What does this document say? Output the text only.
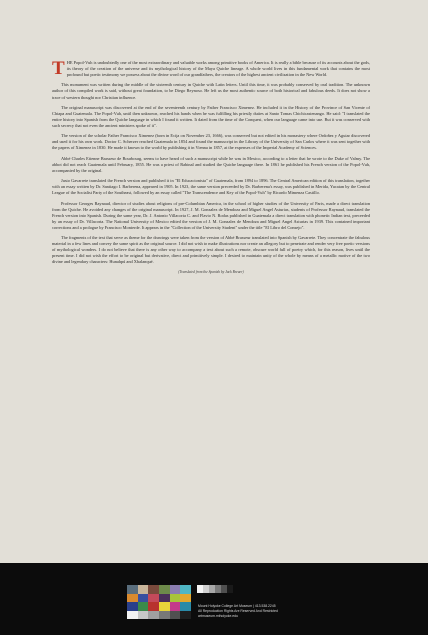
THE Popol-Vuh is undoubtedly one of the most extraordinary and valuable works among primitive books of America. It is really a bible because of its accounts about the gods, its theory of the creation of the universe and its mythological history of the Maya Quiche lineage. A whole world lives in this fundamental work that contains the most profound but poetic testimony we possess about the divine word of our grandfathers, the creators of the highest ancient civilization in the New World.

This monument was written during the middle of the sixteenth century in Quiche with Latin letters. Until this time, it was probably conserved by oral tradition. The unknown author of this compiled work is said, without great foundation, to be Diego Reynoso. He left us the most authentic source of both historical and fabulous deeds. It does not show a trace of western thought nor Christian influence.

The original manuscript was discovered at the end of the seventeenth century by Father Francisco Ximenez. He included it in the History of the Province of San Vicente of Chiapa and Guatemala. The Popol-Vuh, until then unknown, reached his hands when he was fulfilling his priestly duties at Santo Tomas Chichicastenango. He said: "I translated the entire history into Spanish from the Quiche language in which I found it written. It dated from the time of the Conquest, when our language came into use. But it was conserved with such secrecy that not even the ancient ministers spoke of it".

The version of the scholar Father Francisco Ximenez (born in Ecija on November 23, 1666), was conserved but not edited in his monastery where Ordoñez y Aguiar discovered and used it for his own work. Doctor C. Scherzer reached Guatemala in 1854 and found the manuscript in the Library of the University of San Carlos where it was sent together with the papers of Ximenez in 1830. He made it known to the world by publishing it in Vienna in 1857, at the expenses of the Imperial Academy of Sciences.

Abbé Charles Etienne Brasseur de Bourbourg, seems to have heard of such a manuscript while he was in Mexico, according to a letter that he wrote to the Duke of Valmy. The abbot did not reach Guatemala until February, 1855. He was a priest of Rabinal and studied the Quiche language there. In 1861 he published his French version of the Popol-Vuh, accompanied by the original.

Justo Gavarrete translated the French version and published it in "El Educacionista" of Guatemala, from 1894 to 1896. The Central American edition of this translation, together with an essay written by Dr. Santiago I. Barberena, appeared in 1905. In 1923, the same version preceeded by Dr. Barberena's essay, was published in Merida, Yucatan by the Central League of the Socialist Party of the Southeast, followed by an essay called "The Transcendence and Key of the Popol-Vuh" by Ricardo Mimenza Castillo.

Professor Georges Raynaud, director of studies about religions of pre-Columbian America, in the school of higher studies of the University of Paris, made a direct translation from the Quiche. He avoided any changes of the original manuscript. In 1927, J. M. Gonzalez de Mendoza and Miguel Angel Asturias, students of Professor Raynaud, translated the French version into Spanish. During the same year, Dr. J. Antonio Villacorta C. and Flavio N. Rodas published in Guatemala a direct translation with phonetic Indian text, preceeded by an essay of Dr. Villacorta. The National University of Mexico edited the version of J. M. Gonzalez de Mendoza and Miguel Angel Asturias in 1939. This contained important corrections and a prologue by Francisco Monterde. It appears in the "Collection of the University Student" under the title "El Libro del Consejo".

The fragments of the text that serve as theme for the drawings were taken from the version of Abbé Brasseur translated into Spanish by Gavarrete. They concentrate the fabulous material in a few lines and convey the same spirit as the original source. I did not wish to make illustrations nor create an allegory but to penetrate and render very free poetic versions of mythological wonders. I do not believe that there is any other way to accompany a text about such a remote, obscure world full of poetry which, for this reason, lives until the present time. I did not wish the effort to be original but derivative, direct and primitively simple. I desired to maintain unity of the whole by means of a metallic motive of the two divine and legendary characters: Hunahpú and Xbalanqué.

(Translated from the Spanish by Jack Breuer)
Mount Holyoke College Art Museum | 413.538.2245
All Reproduction Rights Are Reserved And Restricted
artmuseum.mtholyoke.edu
